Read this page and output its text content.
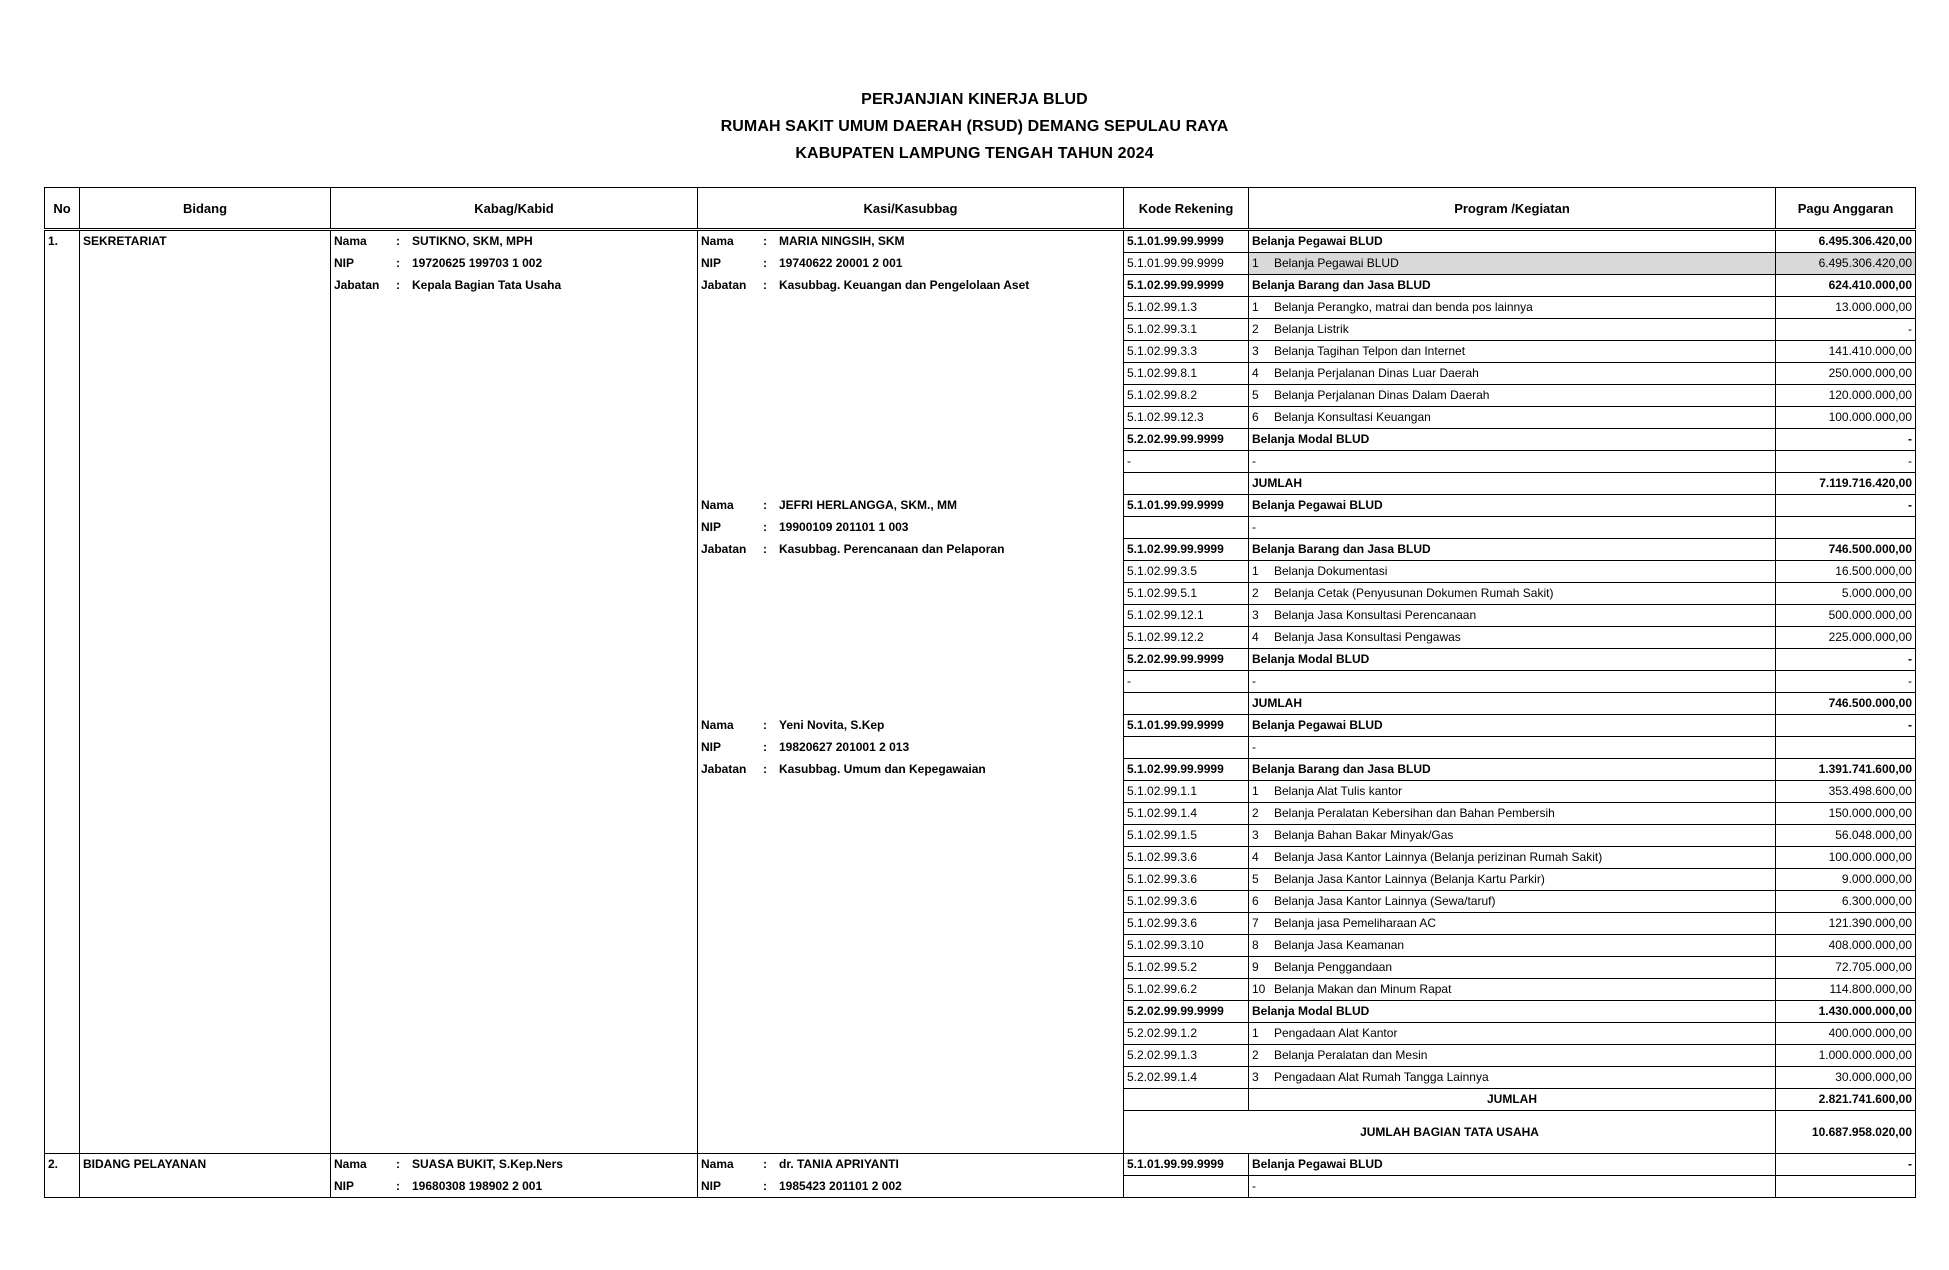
PERJANJIAN KINERJA BLUD
RUMAH SAKIT UMUM DAERAH (RSUD) DEMANG SEPULAU RAYA
KABUPATEN LAMPUNG TENGAH TAHUN 2024
No	Bidang	Kabag/Kabid	Kasi/Kasubbag	Kode Rekening	Program /Kegiatan	Pagu Anggaran
1.	SEKRETARIAT	Nama : SUTIKNO, SKM, MPH	Nama : MARIA NINGSIH, SKM	5.1.01.99.99.9999	Belanja Pegawai BLUD	6.495.306.420,00
		NIP : 19720625 199703 1 002	NIP : 19740622 20001 2 001	5.1.01.99.99.9999	1 Belanja Pegawai BLUD	6.495.306.420,00
		Jabatan : Kepala Bagian Tata Usaha	Jabatan : Kasubbag. Keuangan dan Pengelolaan Aset	5.1.02.99.99.9999	Belanja Barang dan Jasa BLUD	624.410.000,00
				5.1.02.99.1.3	1 Belanja Perangko, matrai dan benda pos lainnya	13.000.000,00
				5.1.02.99.3.1	2 Belanja Listrik	-
				5.1.02.99.3.3	3 Belanja Tagihan Telpon dan Internet	141.410.000,00
				5.1.02.99.8.1	4 Belanja Perjalanan Dinas Luar Daerah	250.000.000,00
				5.1.02.99.8.2	5 Belanja Perjalanan Dinas Dalam Daerah	120.000.000,00
				5.1.02.99.12.3	6 Belanja Konsultasi Keuangan	100.000.000,00
				5.2.02.99.99.9999	Belanja Modal BLUD	-
				-	-	-
					JUMLAH	7.119.716.420,00
			Nama : JEFRI HERLANGGA, SKM., MM	5.1.01.99.99.9999	Belanja Pegawai BLUD	-
			NIP : 19900109 201101 1 003		-	
			Jabatan : Kasubbag. Perencanaan dan Pelaporan	5.1.02.99.99.9999	Belanja Barang dan Jasa BLUD	746.500.000,00
				5.1.02.99.3.5	1 Belanja Dokumentasi	16.500.000,00
				5.1.02.99.5.1	2 Belanja Cetak (Penyusunan Dokumen Rumah Sakit)	5.000.000,00
				5.1.02.99.12.1	3 Belanja Jasa Konsultasi Perencanaan	500.000.000,00
				5.1.02.99.12.2	4 Belanja Jasa Konsultasi Pengawas	225.000.000,00
				5.2.02.99.99.9999	Belanja Modal BLUD	-
				-	-	-
					JUMLAH	746.500.000,00
			Nama : Yeni Novita, S.Kep	5.1.01.99.99.9999	Belanja Pegawai BLUD	-
			NIP : 19820627 201001 2 013		-	
			Jabatan : Kasubbag. Umum dan Kepegawaian	5.1.02.99.99.9999	Belanja Barang dan Jasa BLUD	1.391.741.600,00
				5.1.02.99.1.1	1 Belanja Alat Tulis kantor	353.498.600,00
				5.1.02.99.1.4	2 Belanja Peralatan Kebersihan dan Bahan Pembersih	150.000.000,00
				5.1.02.99.1.5	3 Belanja Bahan Bakar Minyak/Gas	56.048.000,00
				5.1.02.99.3.6	4 Belanja Jasa Kantor Lainnya (Belanja perizinan Rumah Sakit)	100.000.000,00
				5.1.02.99.3.6	5 Belanja Jasa Kantor Lainnya (Belanja Kartu Parkir)	9.000.000,00
				5.1.02.99.3.6	6 Belanja Jasa Kantor Lainnya (Sewa/taruf)	6.300.000,00
				5.1.02.99.3.6	7 Belanja jasa Pemeliharaan AC	121.390.000,00
				5.1.02.99.3.10	8 Belanja Jasa Keamanan	408.000.000,00
				5.1.02.99.5.2	9 Belanja Penggandaan	72.705.000,00
				5.1.02.99.6.2	10 Belanja Makan dan Minum Rapat	114.800.000,00
				5.2.02.99.99.9999	Belanja Modal BLUD	1.430.000.000,00
				5.2.02.99.1.2	1 Pengadaan Alat Kantor	400.000.000,00
				5.2.02.99.1.3	2 Belanja Peralatan dan Mesin	1.000.000.000,00
				5.2.02.99.1.4	3 Pengadaan Alat Rumah Tangga Lainnya	30.000.000,00
					JUMLAH	2.821.741.600,00
				JUMLAH BAGIAN TATA USAHA		10.687.958.020,00
2.	BIDANG PELAYANAN	Nama : SUASA BUKIT, S.Kep.Ners	Nama : dr. TANIA APRIYANTI	5.1.01.99.99.9999	Belanja Pegawai BLUD	-
		NIP : 19680308 198902 2 001	NIP : 1985423 201101 2 002		-	
